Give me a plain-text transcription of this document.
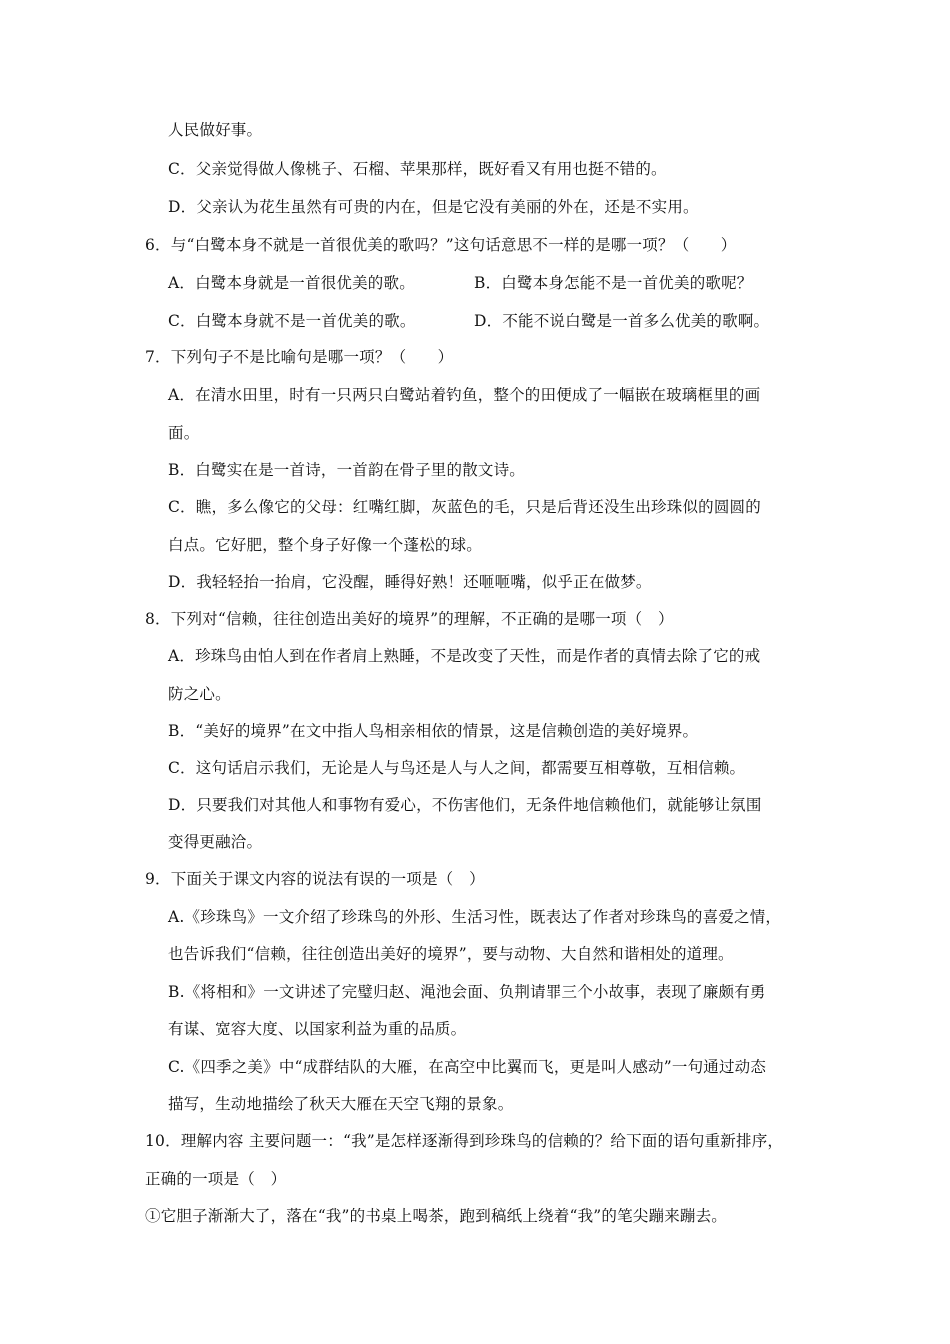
人民做好事。
C．父亲觉得做人像桃子、石榴、苹果那样，既好看又有用也挺不错的。
D．父亲认为花生虽然有可贵的内在，但是它没有美丽的外在，还是不实用。
6．与“白鹭本身不就是一首很优美的歌吗？”这句话意思不一样的是哪一项？（　　）
A．白鹭本身就是一首很优美的歌。	B．白鹭本身怎能不是一首优美的歌呢？
C．白鹭本身就不是一首优美的歌。	D．不能不说白鹭是一首多么优美的歌啊。
7．下列句子不是比喻句是哪一项？（　　）
A．在清水田里，时有一只两只白鹭站着钓鱼，整个的田便成了一幅嵌在玻璃框里的画
面。
B．白鹭实在是一首诗，一首韵在骨子里的散文诗。
C．瞧，多么像它的父母：红嘴红脚，灰蓝色的毛，只是后背还没生出珍珠似的圆圆的
白点。它好肥，整个身子好像一个蓬松的球。
D．我轻轻抬一抬肩，它没醒，睡得好熟！还咂咂嘴，似乎正在做梦。
8．下列对“信赖，往往创造出美好的境界”的理解，不正确的是哪一项（　）
A．珍珠鸟由怕人到在作者肩上熟睡，不是改变了天性，而是作者的真情去除了它的戒
防之心。
B．“美好的境界”在文中指人鸟相亲相依的情景，这是信赖创造的美好境界。
C．这句话启示我们，无论是人与鸟还是人与人之间，都需要互相尊敬，互相信赖。
D．只要我们对其他人和事物有爱心，不伤害他们，无条件地信赖他们，就能够让氛围
变得更融洽。
9．下面关于课文内容的说法有误的一项是（　）
A.《珍珠鸟》一文介绍了珍珠鸟的外形、生活习性，既表达了作者对珍珠鸟的喜爱之情，
也告诉我们“信赖，往往创造出美好的境界”，要与动物、大自然和谐相处的道理。
B.《将相和》一文讲述了完璧归赵、渑池会面、负荆请罪三个小故事，表现了廉颇有勇
有谋、宽容大度、以国家利益为重的品质。
C.《四季之美》中“成群结队的大雁，在高空中比翼而飞，更是叫人感动”一句通过动态
描写，生动地描绘了秋天大雁在天空飞翔的景象。
10．理解内容 主要问题一：“我”是怎样逐渐得到珍珠鸟的信赖的？给下面的语句重新排序，
正确的一项是（　）
①它胆子渐渐大了，落在“我”的书桌上喝茶，跑到稿纸上绕着“我”的笔尖蹦来蹦去。
